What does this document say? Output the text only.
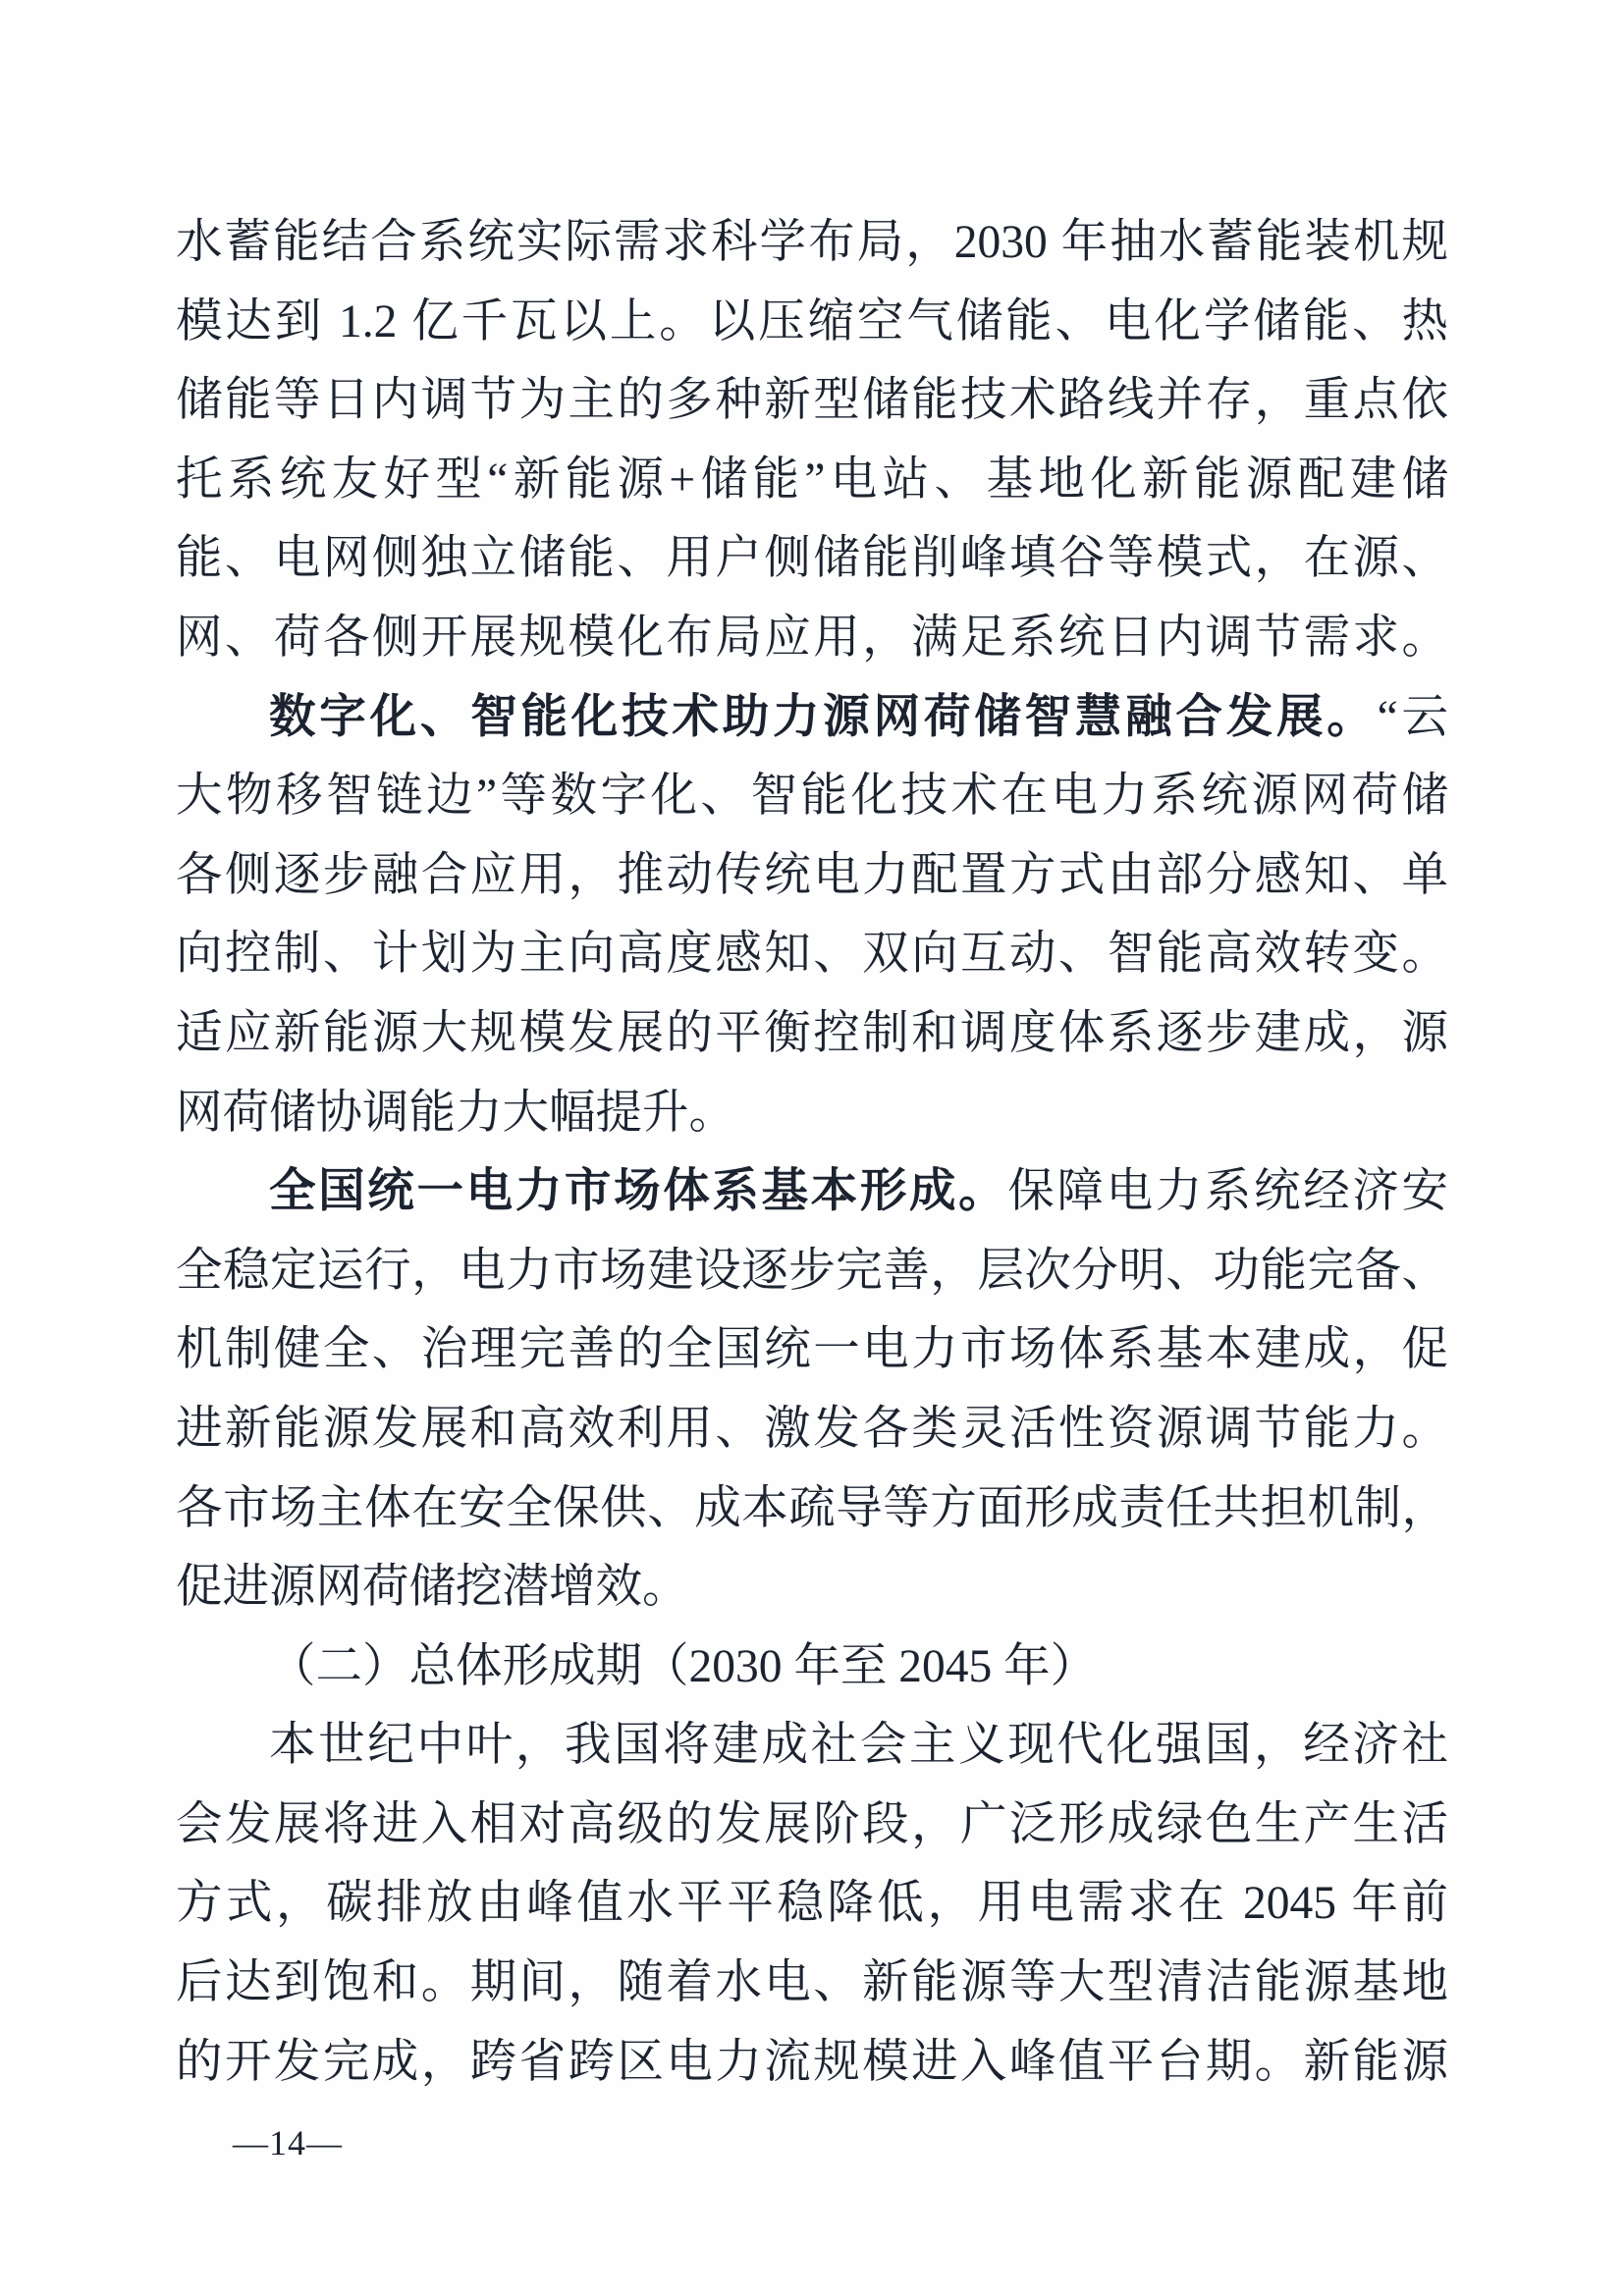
水蓄能结合系统实际需求科学布局，2030 年抽水蓄能装机规
模达到 1.2 亿千瓦以上。以压缩空气储能、电化学储能、热
储能等日内调节为主的多种新型储能技术路线并存，重点依
托系统友好型“新能源+储能”电站、基地化新能源配建储
能、电网侧独立储能、用户侧储能削峰填谷等模式，在源、
网、荷各侧开展规模化布局应用，满足系统日内调节需求。
数字化、智能化技术助力源网荷储智慧融合发展。“云
大物移智链边”等数字化、智能化技术在电力系统源网荷储
各侧逐步融合应用，推动传统电力配置方式由部分感知、单
向控制、计划为主向高度感知、双向互动、智能高效转变。
适应新能源大规模发展的平衡控制和调度体系逐步建成，源
网荷储协调能力大幅提升。
全国统一电力市场体系基本形成。保障电力系统经济安
全稳定运行，电力市场建设逐步完善，层次分明、功能完备、
机制健全、治理完善的全国统一电力市场体系基本建成，促
进新能源发展和高效利用、激发各类灵活性资源调节能力。
各市场主体在安全保供、成本疏导等方面形成责任共担机制，
促进源网荷储挖潜增效。
（二）总体形成期（2030 年至 2045 年）
本世纪中叶，我国将建成社会主义现代化强国，经济社
会发展将进入相对高级的发展阶段，广泛形成绿色生产生活
方式，碳排放由峰值水平平稳降低，用电需求在 2045 年前
后达到饱和。期间，随着水电、新能源等大型清洁能源基地
的开发完成，跨省跨区电力流规模进入峰值平台期。新能源
—14—
